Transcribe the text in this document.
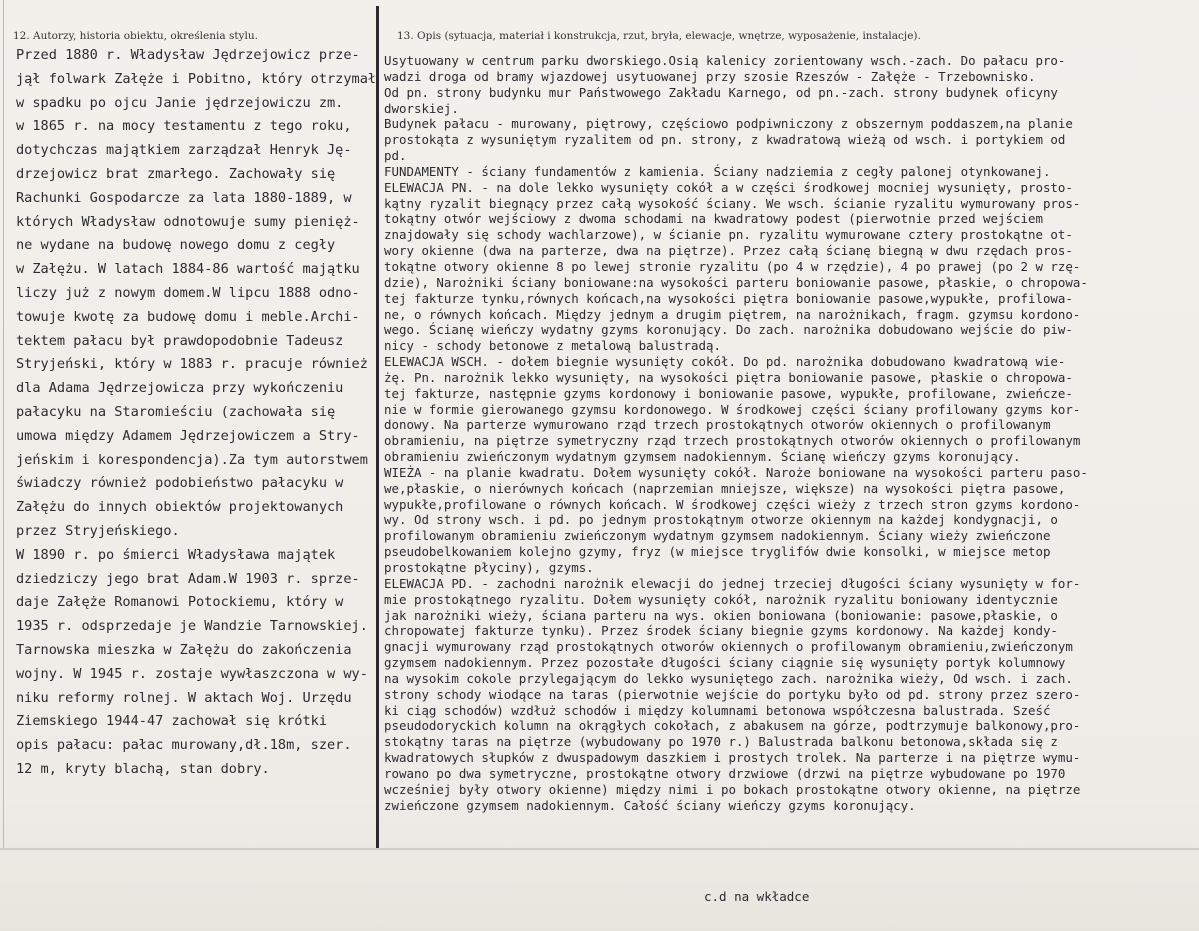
12. Autorzy, historia obiektu, określenia stylu.	13. Opis (sytuacja, materiał i konstrukcja, rzut, bryła, elewacje, wnętrze, wyposażenie, instalacje).
Przed 1880 r. Władysław Jędrzejowicz prze-
jął folwark Załęże i Pobitno, który otrzymał
w spadku po ojcu Janie jędrzejowiczu zm.
w 1865 r. na mocy testamentu z tego roku,
dotychczas majątkiem zarządzał Henryk Ję-
drzejowicz brat zmarłego. Zachowały się
Rachunki Gospodarcze za lata 1880-1889, w
których Władysław odnotowuje sumy pienięż-
ne wydane na budowę nowego domu z cegły
w Załężu. W latach 1884-86 wartość majątku
liczy już z nowym domem.W lipcu 1888 odno-
towuje kwotę za budowę domu i meble.Archi-
tektem pałacu był prawdopodobnie Tadeusz
Stryjeński, który w 1883 r. pracuje również
dla Adama Jędrzejowicza przy wykończeniu
pałacyku na Staromieściu (zachowała się
umowa między Adamem Jędrzejowiczem a Stry-
jeńskim i korespondencja).Za tym autorstwem
świadczy również podobieństwo pałacyku w
Załężu do innych obiektów projektowanych
przez Stryjeńskiego.
W 1890 r. po śmierci Władysława majątek
dziedziczy jego brat Adam.W 1903 r. sprze-
daje Załęże Romanowi Potockiemu, który w
1935 r. odsprzedaje je Wandzie Tarnowskiej.
Tarnowska mieszka w Załężu do zakończenia
wojny. W 1945 r. zostaje wywłaszczona w wy-
niku reformy rolnej. W aktach Woj. Urzędu
Ziemskiego 1944-47 zachował się krótki
opis pałacu: pałac murowany,dł.18m, szer.
12 m, kryty blachą, stan dobry.
Usytuowany w centrum parku dworskiego.Osią kalenicy zorientowany wsch.-zach. Do pałacu pro-
wadzi droga od bramy wjazdowej usytuowanej przy szosie Rzeszów - Załęże - Trzebownisko.
Od pn. strony budynku mur Państwowego Zakładu Karnego, od pn.-zach. strony budynek oficyny
dworskiej.
Budynek pałacu - murowany, piętrowy, częściowo podpiwniczony z obszernym poddaszem,na planie
prostokąta z wysuniętym ryzalitem od pn. strony, z kwadratową wieżą od wsch. i portykiem od
pd.
FUNDAMENTY - ściany fundamentów z kamienia. Ściany nadziemia z cegły palonej otynkowanej.
ELEWACJA PN. - na dole lekko wysunięty cokół a w części środkowej mocniej wysunięty, prosto-
kątny ryzalit biegnący przez całą wysokość ściany. We wsch. ścianie ryzalitu wymurowany pros-
tokątny otwór wejściowy z dwoma schodami na kwadratowy podest (pierwotnie przed wejściem
znajdowały się schody wachlarzowe), w ścianie pn. ryzalitu wymurowane cztery prostokątne ot-
wory okienne (dwa na parterze, dwa na piętrze). Przez całą ścianę biegną w dwu rzędach pros-
tokątne otwory okienne 8 po lewej stronie ryzalitu (po 4 w rzędzie), 4 po prawej (po 2 w rzę-
dzie), Narożniki ściany boniowane:na wysokości parteru boniowanie pasowe, płaskie, o chropowa-
tej fakturze tynku,równych końcach,na wysokości piętra boniowanie pasowe,wypukłe, profilowa-
ne, o równych końcach. Między jednym a drugim piętrem, na narożnikach, fragm. gzymsu kordono-
wego. Ścianę wieńczy wydatny gzyms koronujący. Do zach. narożnika dobudowano wejście do piw-
nicy - schody betonowe z metalową balustradą.
ELEWACJA WSCH. - dołem biegnie wysunięty cokół. Do pd. narożnika dobudowano kwadratową wie-
żę. Pn. narożnik lekko wysunięty, na wysokości piętra boniowanie pasowe, płaskie o chropowa-
tej fakturze, następnie gzyms kordonowy i boniowanie pasowe, wypukłe, profilowane, zwieńcze-
nie w formie gierowanego gzymsu kordonowego. W środkowej części ściany profilowany gzyms kor-
donowy. Na parterze wymurowano rząd trzech prostokątnych otworów okiennych o profilowanym
obramieniu, na piętrze symetryczny rząd trzech prostokątnych otworów okiennych o profilowanym
obramieniu zwieńczonym wydatnym gzymsem nadokiennym. Ścianę wieńczy gzyms koronujący.
WIEŻA - na planie kwadratu. Dołem wysunięty cokół. Naroże boniowane na wysokości parteru paso-
we,płaskie, o nierównych końcach (naprzemian mniejsze, większe) na wysokości piętra pasowe,
wypukłe,profilowane o równych końcach. W środkowej części wieży z trzech stron gzyms kordono-
wy. Od strony wsch. i pd. po jednym prostokątnym otworze okiennym na każdej kondygnacji, o
profilowanym obramieniu zwieńczonym wydatnym gzymsem nadokiennym. Ściany wieży zwieńczone
pseudobelkowaniem kolejno gzymy, fryz (w miejsce tryglifów dwie konsolki, w miejsce metop
prostokątne płyciny), gzyms.
ELEWACJA PD. - zachodni narożnik elewacji do jednej trzeciej długości ściany wysunięty w for-
mie prostokątnego ryzalitu. Dołem wysunięty cokół, narożnik ryzalitu boniowany identycznie
jak narożniki wieży, ściana parteru na wys. okien boniowana (boniowanie: pasowe,płaskie, o
chropowatej fakturze tynku). Przez środek ściany biegnie gzyms kordonowy. Na każdej kondy-
gnacji wymurowany rząd prostokątnych otworów okiennych o profilowanym obramieniu,zwieńczonym
gzymsem nadokiennym. Przez pozostałe długości ściany ciągnie się wysunięty portyk kolumnowy
na wysokim cokole przylegającym do lekko wysuniętego zach. narożnika wieży, Od wsch. i zach.
strony schody wiodące na taras (pierwotnie wejście do portyku było od pd. strony przez szero-
ki ciąg schodów) wzdłuż schodów i między kolumnami betonowa współczesna balustrada. Sześć
pseudodoryckich kolumn na okrągłych cokołach, z abakusem na górze, podtrzymuje balkonowy,pro-
stokątny taras na piętrze (wybudowany po 1970 r.) Balustrada balkonu betonowa,składa się z
kwadratowych słupków z dwuspadowym daszkiem i prostych trolek. Na parterze i na piętrze wymu-
rowano po dwa symetryczne, prostokątne otwory drzwiowe (drzwi na piętrze wybudowane po 1970
wcześniej były otwory okienne) między nimi i po bokach prostokątne otwory okienne, na piętrze
zwieńczone gzymsem nadokiennym. Całość ściany wieńczy gzyms koronujący.
c.d na wkładce
